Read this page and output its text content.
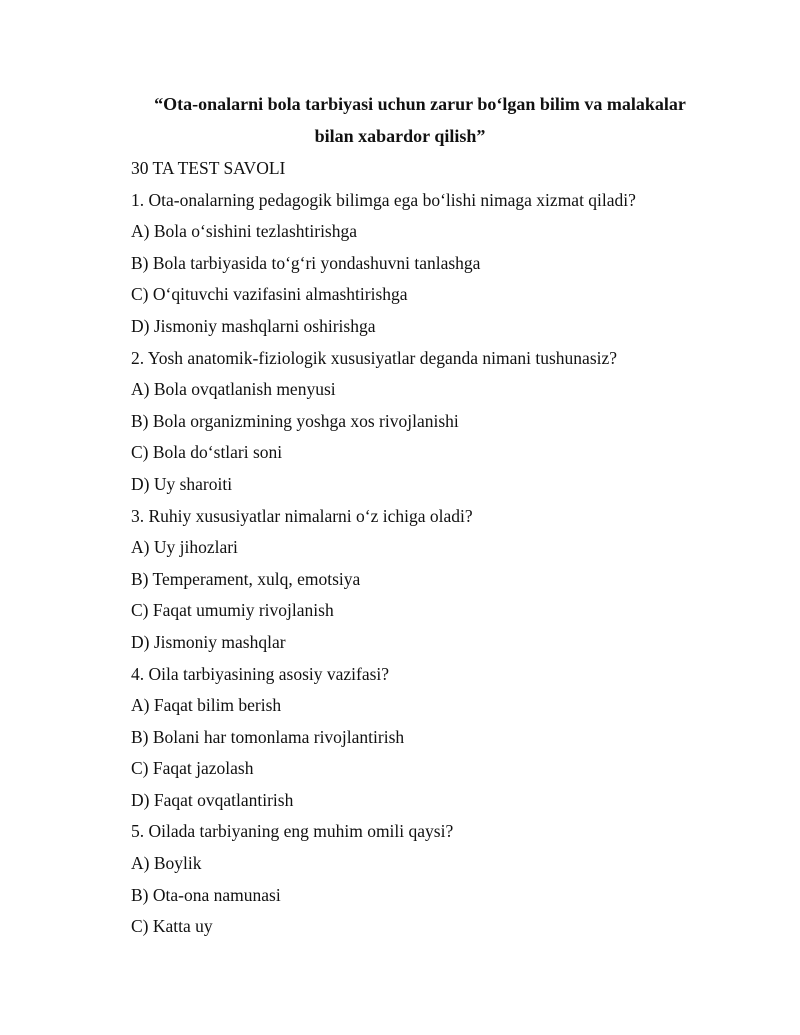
“Ota-onalarni bola tarbiyasi uchun zarur bo‘lgan bilim va malakalar
bilan xabardor qilish”
30 TA TEST SAVOLI
1. Ota-onalarning pedagogik bilimga ega bo‘lishi nimaga xizmat qiladi?
A) Bola o‘sishini tezlashtirishga
B) Bola tarbiyasida to‘g‘ri yondashuvni tanlashga
C) O‘qituvchi vazifasini almashtirishga
D) Jismoniy mashqlarni oshirishga
2. Yosh anatomik-fiziologik xususiyatlar deganda nimani tushunasiz?
A) Bola ovqatlanish menyusi
B) Bola organizmining yoshga xos rivojlanishi
C) Bola do‘stlari soni
D) Uy sharoiti
3. Ruhiy xususiyatlar nimalarni o‘z ichiga oladi?
A) Uy jihozlari
B) Temperament, xulq, emotsiya
C) Faqat umumiy rivojlanish
D) Jismoniy mashqlar
4. Oila tarbiyasining asosiy vazifasi?
A) Faqat bilim berish
B) Bolani har tomonlama rivojlantirish
C) Faqat jazolash
D) Faqat ovqatlantirish
5. Oilada tarbiyaning eng muhim omili qaysi?
A) Boylik
B) Ota-ona namunasi
C) Katta uy
